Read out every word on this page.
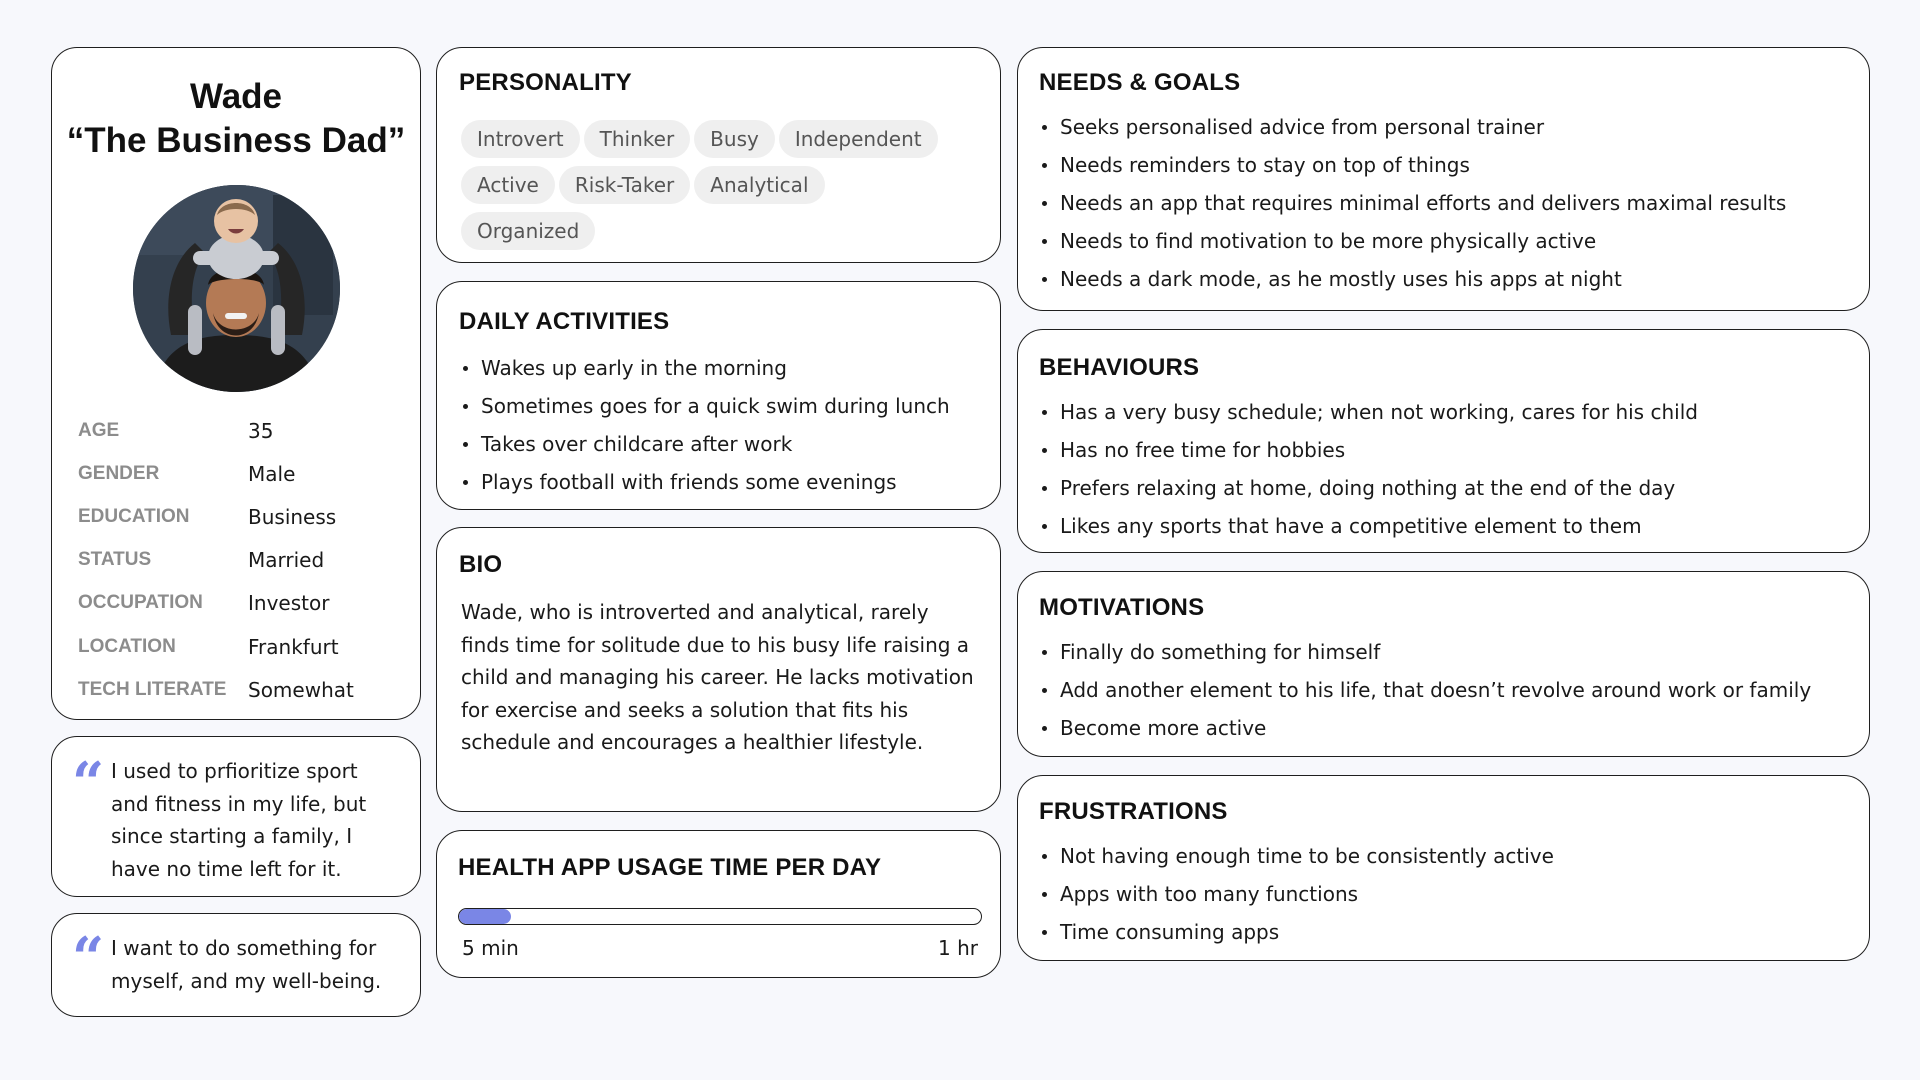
Wade
“The Business Dad”
AGE	35
GENDER	Male
EDUCATION	Business
STATUS	Married
OCCUPATION	Investor
LOCATION	Frankfurt
TECH LITERATE	Somewhat
“ I used to prfioritize sport and fitness in my life, but since starting a family, I have no time left for it.
“ I want to do something for myself, and my well-being.
PERSONALITY
Introvert Thinker Busy Independent
Active Risk-Taker Analytical
Organized
DAILY ACTIVITIES
Wakes up early in the morning
Sometimes goes for a quick swim during lunch
Takes over childcare after work
Plays football with friends some evenings
BIO
Wade, who is introverted and analytical, rarely finds time for solitude due to his busy life raising a child and managing his career. He lacks motivation for exercise and seeks a solution that fits his schedule and encourages a healthier lifestyle.
HEALTH APP USAGE TIME PER DAY
5 min	1 hr
NEEDS & GOALS
Seeks personalised advice from personal trainer
Needs reminders to stay on top of things
Needs an app that requires minimal efforts and delivers maximal results
Needs to find motivation to be more physically active
Needs a dark mode, as he mostly uses his apps at night
BEHAVIOURS
Has a very busy schedule; when not working, cares for his child
Has no free time for hobbies
Prefers relaxing at home, doing nothing at the end of the day
Likes any sports that have a competitive element to them
MOTIVATIONS
Finally do something for himself
Add another element to his life, that doesn’t revolve around work or family
Become more active
FRUSTRATIONS
Not having enough time to be consistently active
Apps with too many functions
Time consuming apps
